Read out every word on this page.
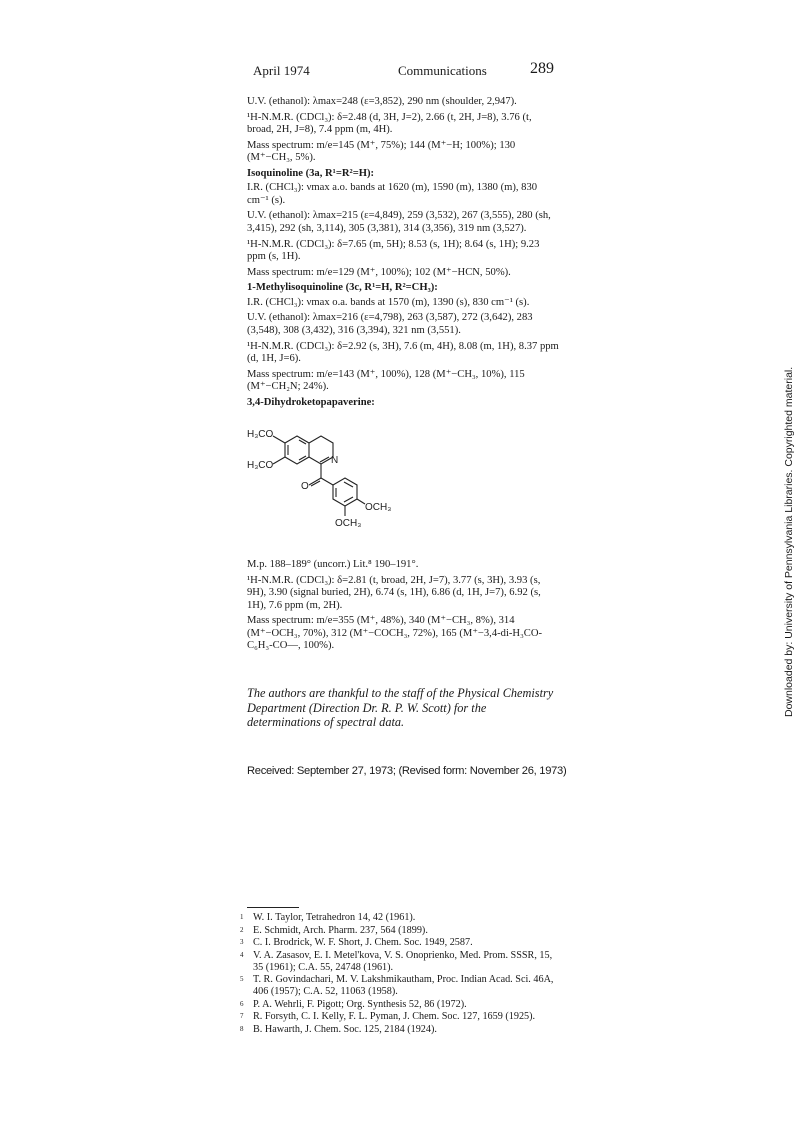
April 1974	Communications	289

U.V. (ethanol): λmax=248 (ε=3,852), 290 nm (shoulder, 2,947).

¹H-N.M.R. (CDCl₃): δ=2.48 (d, 3H, J=2), 2.66 (t, 2H, J=8), 3.76 (t, broad, 2H, J=8), 7.4 ppm (m, 4H).

Mass spectrum: m/e=145 (M⁺, 75%); 144 (M⁺−H; 100%); 130 (M⁺−CH₃, 5%).

Isoquinoline (3a, R¹=R²=H):

I.R. (CHCl₃): νmax a.o. bands at 1620 (m), 1590 (m), 1380 (m), 830 cm⁻¹ (s).

U.V. (ethanol): λmax=215 (ε=4,849), 259 (3,532), 267 (3,555), 280 (sh, 3,415), 292 (sh, 3,114), 305 (3,381), 314 (3,356), 319 nm (3,527).

¹H-N.M.R. (CDCl₃): δ=7.65 (m, 5H); 8.53 (s, 1H); 8.64 (s, 1H); 9.23 ppm (s, 1H).

Mass spectrum: m/e=129 (M⁺, 100%); 102 (M⁺−HCN, 50%).

1-Methylisoquinoline (3c, R¹=H, R²=CH₃):

I.R. (CHCl₃): νmax o.a. bands at 1570 (m), 1390 (s), 830 cm⁻¹ (s).

U.V. (ethanol): λmax=216 (ε=4,798), 263 (3,587), 272 (3,642), 283 (3,548), 308 (3,432), 316 (3,394), 321 nm (3,551).

¹H-N.M.R. (CDCl₃): δ=2.92 (s, 3H), 7.6 (m, 4H), 8.08 (m, 1H), 8.37 ppm (d, 1H, J=6).

Mass spectrum: m/e=143 (M⁺, 100%), 128 (M⁺−CH₃, 10%), 115 (M⁺−CH₂N; 24%).

3,4-Dihydroketopapaverine:

H₃CO
H₃CO	N
O
OCH₃
OCH₃

M.p. 188–189° (uncorr.) Lit.⁸ 190–191°.

¹H-N.M.R. (CDCl₃): δ=2.81 (t, broad, 2H, J=7), 3.77 (s, 3H), 3.93 (s, 9H), 3.90 (signal buried, 2H), 6.74 (s, 1H), 6.86 (d, 1H, J=7), 6.92 (s, 1H), 7.6 ppm (m, 2H).

Mass spectrum: m/e=355 (M⁺, 48%), 340 (M⁺−CH₃, 8%), 314 (M⁺−OCH₃, 70%), 312 (M⁺−COCH₃, 72%), 165 (M⁺−3,4-di-H₃CO-C₆H₃-CO—, 100%).

The authors are thankful to the staff of the Physical Chemistry Department (Direction Dr. R. P. W. Scott) for the determinations of spectral data.
Received: September 27, 1973; (Revised form: November 26, 1973)
1 W. I. Taylor, Tetrahedron 14, 42 (1961).
2 E. Schmidt, Arch. Pharm. 237, 564 (1899).
3 C. I. Brodrick, W. F. Short, J. Chem. Soc. 1949, 2587.
4 V. A. Zasasov, E. I. Metel'kova, V. S. Onoprienko, Med. Prom. SSSR, 15, 35 (1961); C.A. 55, 24748 (1961).
5 T. R. Govindachari, M. V. Lakshmikautham, Proc. Indian Acad. Sci. 46A, 406 (1957); C.A. 52, 11063 (1958).
6 P. A. Wehrli, F. Pigott; Org. Synthesis 52, 86 (1972).
7 R. Forsyth, C. I. Kelly, F. L. Pyman, J. Chem. Soc. 127, 1659 (1925).
8 B. Hawarth, J. Chem. Soc. 125, 2184 (1924).
Downloaded by: University of Pennsylvania Libraries. Copyrighted material.
